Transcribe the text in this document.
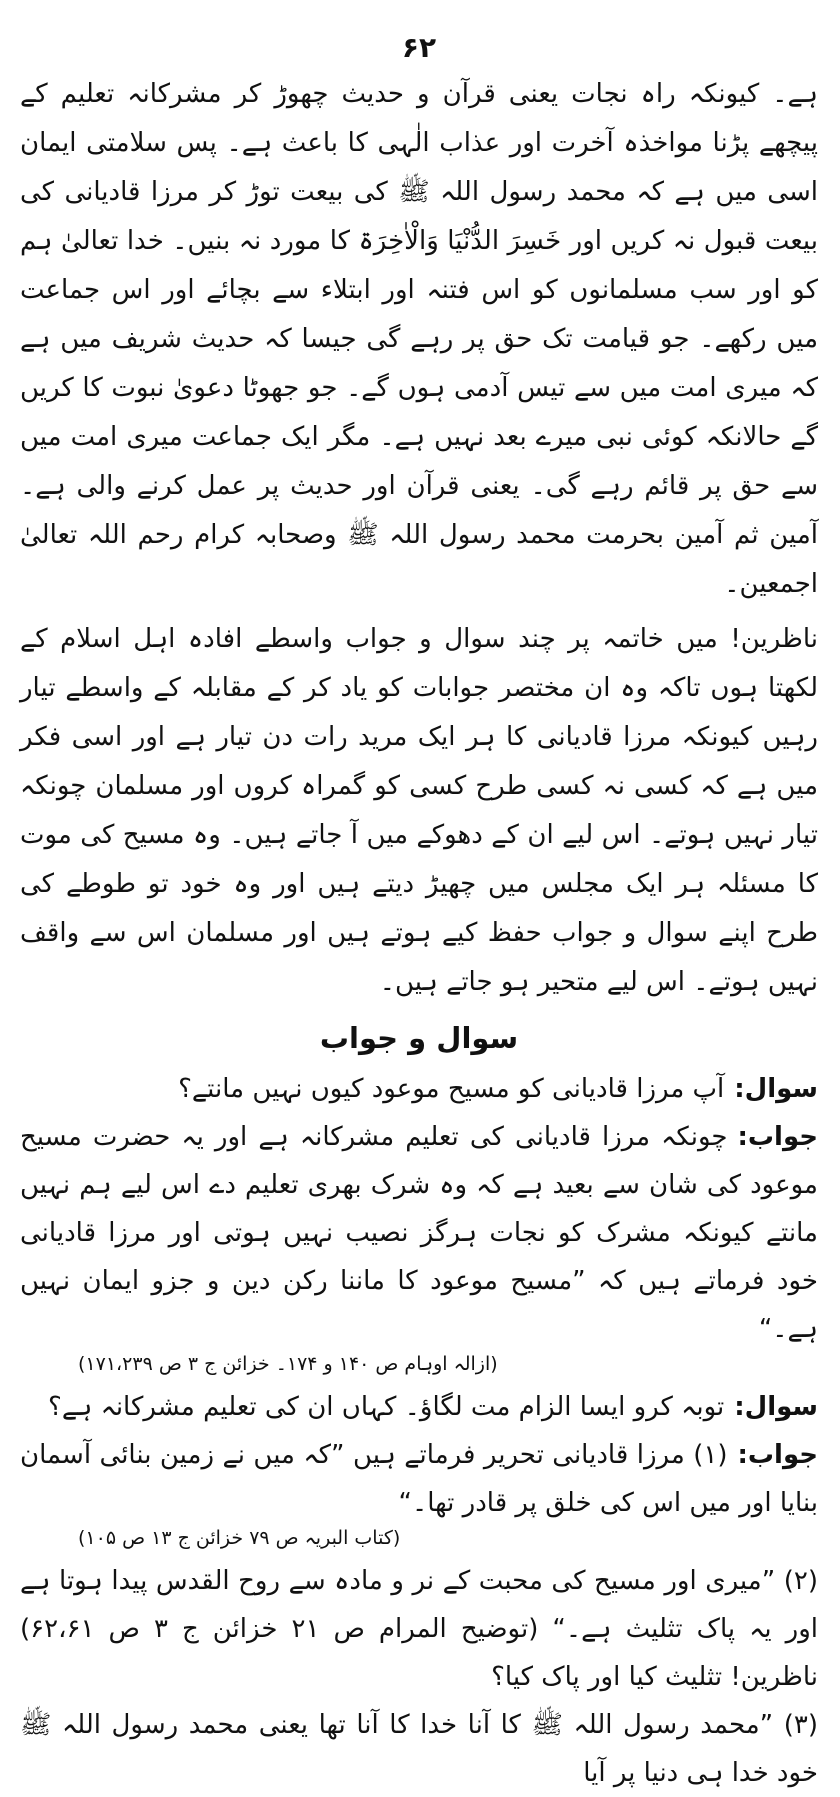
۶۲

ہے۔ کیونکہ راہ نجات یعنی قرآن و حدیث چھوڑ کر مشرکانہ تعلیم کے پیچھے پڑنا مواخذہ آخرت اور عذاب الٰہی کا باعث ہے۔ پس سلامتی ایمان اسی میں ہے کہ محمد رسول اللہ ﷺ کی بیعت توڑ کر مرزا قادیانی کی بیعت قبول نہ کریں اور خَسِرَ الدُّنْیَا وَالْاٰخِرَۃ کا مورد نہ بنیں۔ خدا تعالیٰ ہم کو اور سب مسلمانوں کو اس فتنہ اور ابتلاء سے بچائے اور اس جماعت میں رکھے۔ جو قیامت تک حق پر رہے گی جیسا کہ حدیث شریف میں ہے کہ میری امت میں سے تیس آدمی ہوں گے۔ جو جھوٹا دعویٰ نبوت کا کریں گے حالانکہ کوئی نبی میرے بعد نہیں ہے۔ مگر ایک جماعت میری امت میں سے حق پر قائم رہے گی۔ یعنی قرآن اور حدیث پر عمل کرنے والی ہے۔ آمین ثم آمین بحرمت محمد رسول اللہ ﷺ وصحابہ کرام رحم اللہ تعالیٰ اجمعین۔

ناظرین! میں خاتمہ پر چند سوال و جواب واسطے افادہ اہل اسلام کے لکھتا ہوں تاکہ وہ ان مختصر جوابات کو یاد کر کے مقابلہ کے واسطے تیار رہیں کیونکہ مرزا قادیانی کا ہر ایک مرید رات دن تیار ہے اور اسی فکر میں ہے کہ کسی نہ کسی طرح کسی کو گمراہ کروں اور مسلمان چونکہ تیار نہیں ہوتے۔ اس لیے ان کے دھوکے میں آ جاتے ہیں۔ وہ مسیح کی موت کا مسئلہ ہر ایک مجلس میں چھیڑ دیتے ہیں اور وہ خود تو طوطے کی طرح اپنے سوال و جواب حفظ کیے ہوتے ہیں اور مسلمان اس سے واقف نہیں ہوتے۔ اس لیے متحیر ہو جاتے ہیں۔

سوال و جواب
سوال:آپ مرزا قادیانی کو مسیح موعود کیوں نہیں مانتے؟
جواب:چونکہ مرزا قادیانی کی تعلیم مشرکانہ ہے اور یہ حضرت مسیح موعود کی شان سے بعید ہے کہ وہ شرک بھری تعلیم دے اس لیے ہم نہیں مانتے کیونکہ مشرک کو نجات ہرگز نصیب نہیں ہوتی اور مرزا قادیانی خود فرماتے ہیں کہ ”مسیح موعود کا ماننا رکن دین و جزو ایمان نہیں ہے۔“
(ازالہ اوہام ص ۱۴۰ و ۱۷۴۔ خزائن ج ۳ ص ۱۷۱،۲۳۹)
سوال:توبہ کرو ایسا الزام مت لگاؤ۔ کہاں ان کی تعلیم مشرکانہ ہے؟
جواب:(۱) مرزا قادیانی تحریر فرماتے ہیں ”کہ میں نے زمین بنائی آسمان بنایا اور میں اس کی خلق پر قادر تھا۔“
(کتاب البریہ ص ۷۹ خزائن ج ۱۳ ص ۱۰۵)
(۲) ”میری اور مسیح کی محبت کے نر و مادہ سے روح القدس پیدا ہوتا ہے اور یہ پاک تثلیث ہے۔“ (توضیح المرام ص ۲۱ خزائن ج ۳ ص ۶۲،۶۱) ناظرین! تثلیث کیا اور پاک کیا؟
(۳) ”محمد رسول اللہ ﷺ کا آنا خدا کا آنا تھا یعنی محمد رسول اللہ ﷺ خود خدا ہی دنیا پر آیا
